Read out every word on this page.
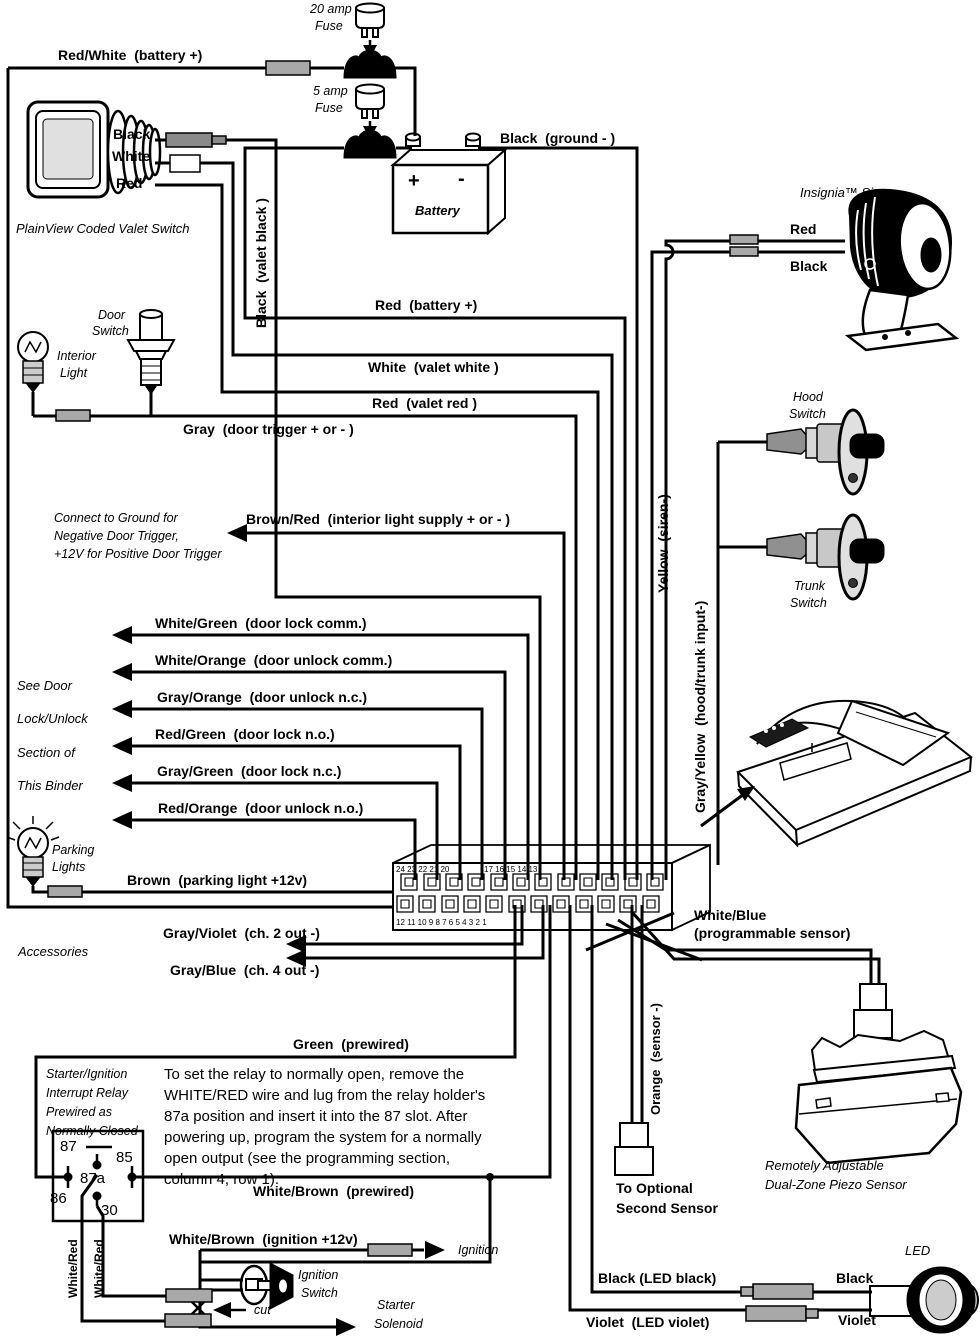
Red/White  (battery +)
20 amp
Fuse
5 amp
Fuse
Black  (ground - )
+ -
Battery
Red  (battery +)
Black
White
Red
PlainView Coded Valet Switch	Black  (valet black )
White  (valet white )
Red  (valet red )
Door
Switch
Interior
Light
Gray  (door trigger + or - )
Connect to Ground for
Negative Door Trigger,
+12V for Positive Door Trigger
Brown/Red  (interior light supply + or - )
White/Green  (door lock comm.)
White/Orange  (door unlock comm.)
Gray/Orange  (door unlock n.c.)
Red/Green  (door lock n.o.)
Gray/Green  (door lock n.c.)
Red/Orange  (door unlock n.o.)
See Door
Lock/Unlock
Section of
This Binder
Parking
Lights
Brown  (parking light +12v)
24 23 22 21 20	17 16 15 14 13
12 11 10 9 8 7 6 5 4 3 2 1
Accessories
Gray/Violet  (ch. 2 out -)
Gray/Blue  (ch. 4 out -)
Green  (prewired)
Insignia™ Siren
Red
Black
Yellow  (siren-)
Hood
Switch
Trunk
Switch
Gray/Yellow  (hood/trunk input-)
White/Blue
(programmable sensor)
Orange  (sensor -)
To Optional
Second Sensor
Remotely Adjustable
Dual-Zone Piezo Sensor
Starter/Ignition
Interrupt Relay
Prewired as
Normally Closed
To set the relay to normally open, remove the
WHITE/RED wire and lug from the relay holder's
87a position and insert it into the 87 slot. After
powering up, program the system for a normally
open output (see the programming section,
column 4, row 1).
87
85
87a
86
30
White/Brown  (prewired)
White/Red White/Red
White/Brown  (ignition +12v)
Ignition
Ignition
Switch
cut	Starter
Solenoid
Black (LED black)
Violet  (LED violet)
Black
Violet
LED
